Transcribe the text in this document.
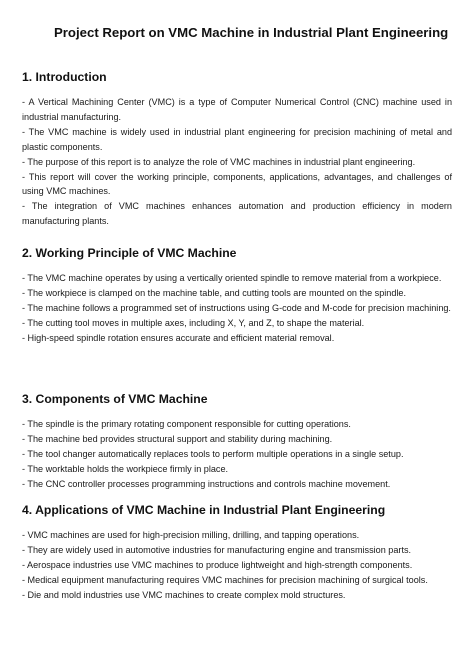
Project Report on VMC Machine in Industrial Plant Engineering
1. Introduction
- A Vertical Machining Center (VMC) is a type of Computer Numerical Control (CNC) machine used in industrial manufacturing.
- The VMC machine is widely used in industrial plant engineering for precision machining of metal and plastic components.
- The purpose of this report is to analyze the role of VMC machines in industrial plant engineering.
- This report will cover the working principle, components, applications, advantages, and challenges of using VMC machines.
- The integration of VMC machines enhances automation and production efficiency in modern manufacturing plants.
2. Working Principle of VMC Machine
- The VMC machine operates by using a vertically oriented spindle to remove material from a workpiece.
- The workpiece is clamped on the machine table, and cutting tools are mounted on the spindle.
- The machine follows a programmed set of instructions using G-code and M-code for precision machining.
- The cutting tool moves in multiple axes, including X, Y, and Z, to shape the material.
- High-speed spindle rotation ensures accurate and efficient material removal.
3. Components of VMC Machine
- The spindle is the primary rotating component responsible for cutting operations.
- The machine bed provides structural support and stability during machining.
- The tool changer automatically replaces tools to perform multiple operations in a single setup.
- The worktable holds the workpiece firmly in place.
- The CNC controller processes programming instructions and controls machine movement.
4. Applications of VMC Machine in Industrial Plant Engineering
- VMC machines are used for high-precision milling, drilling, and tapping operations.
- They are widely used in automotive industries for manufacturing engine and transmission parts.
- Aerospace industries use VMC machines to produce lightweight and high-strength components.
- Medical equipment manufacturing requires VMC machines for precision machining of surgical tools.
- Die and mold industries use VMC machines to create complex mold structures.
